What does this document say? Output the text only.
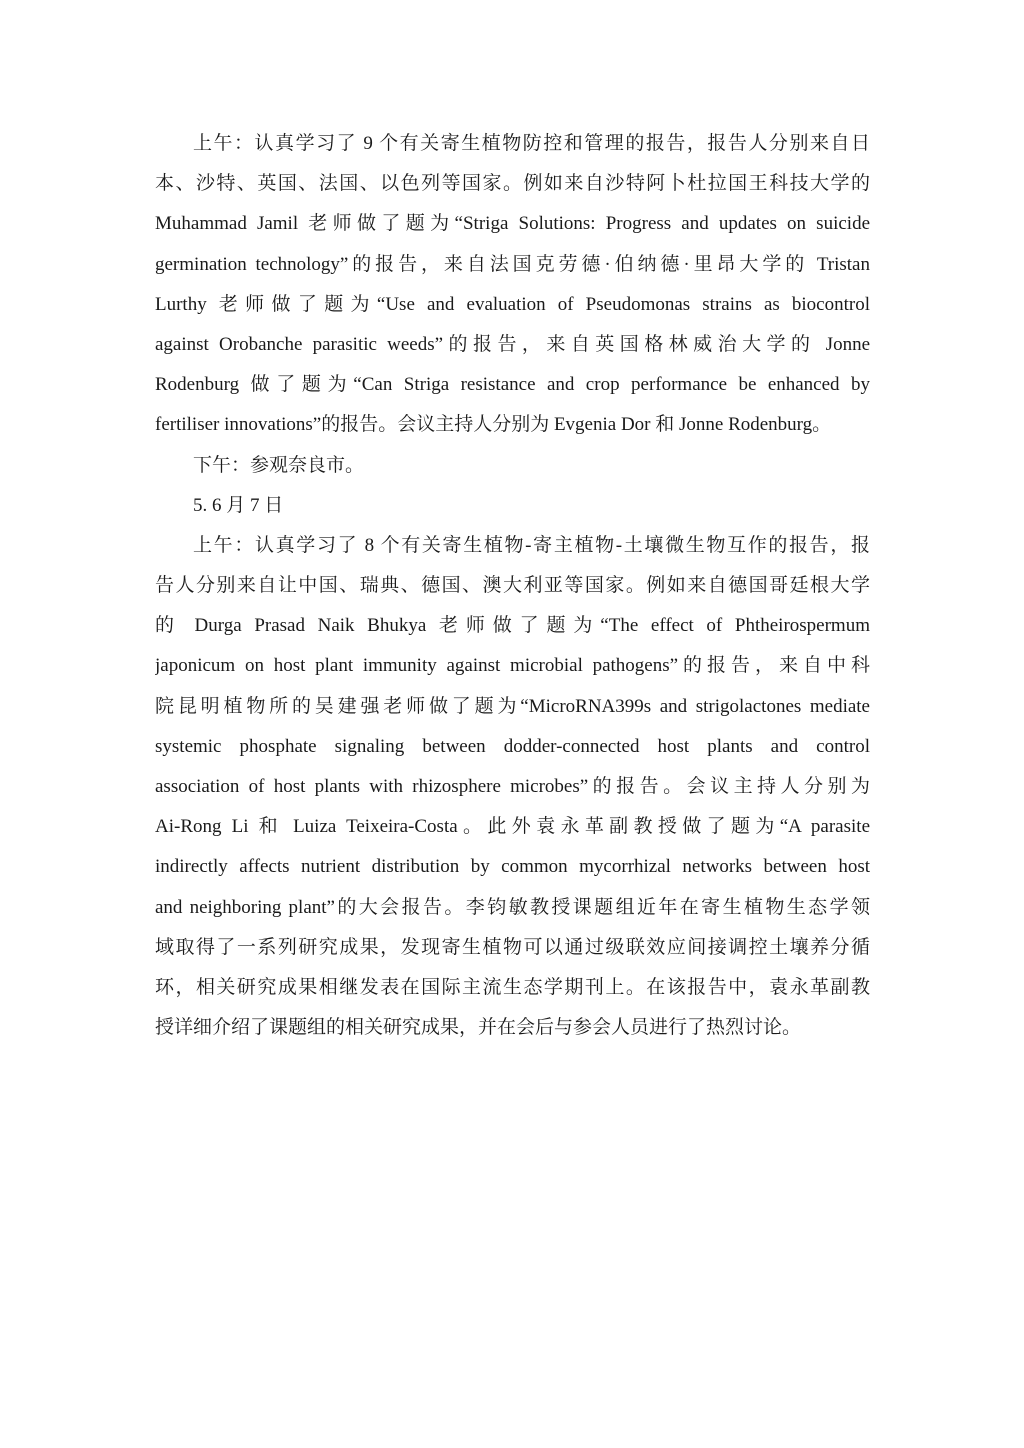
上午：认真学习了 9 个有关寄生植物防控和管理的报告，报告人分别来自日
本、沙特、英国、法国、以色列等国家。例如来自沙特阿卜杜拉国王科技大学的
Muhammad Jamil 老师做了题为“Striga Solutions: Progress and updates on suicide
germination technology”的报告，来自法国克劳德·伯纳德·里昂大学的 Tristan
Lurthy 老师做了题为“Use and evaluation of Pseudomonas strains as biocontrol
against Orobanche parasitic weeds”的报告，来自英国格林威治大学的 Jonne
Rodenburg 做了题为“Can Striga resistance and crop performance be enhanced by
fertiliser innovations”的报告。会议主持人分别为 Evgenia Dor 和 Jonne Rodenburg。
下午：参观奈良市。
5. 6 月 7 日
上午：认真学习了 8 个有关寄生植物-寄主植物-土壤微生物互作的报告，报
告人分别来自让中国、瑞典、德国、澳大利亚等国家。例如来自德国哥廷根大学
的 Durga Prasad Naik Bhukya 老师做了题为“The effect of Phtheirospermum
japonicum on host plant immunity against microbial pathogens”的报告，来自中科
院昆明植物所的吴建强老师做了题为“MicroRNA399s and strigolactones mediate
systemic phosphate signaling between dodder-connected host plants and control
association of host plants with rhizosphere microbes”的报告。会议主持人分别为
Ai-Rong Li 和 Luiza Teixeira-Costa。此外袁永革副教授做了题为“A parasite
indirectly affects nutrient distribution by common mycorrhizal networks between host
and neighboring plant”的大会报告。李钧敏教授课题组近年在寄生植物生态学领
域取得了一系列研究成果，发现寄生植物可以通过级联效应间接调控土壤养分循
环，相关研究成果相继发表在国际主流生态学期刊上。在该报告中，袁永革副教
授详细介绍了课题组的相关研究成果，并在会后与参会人员进行了热烈讨论。
